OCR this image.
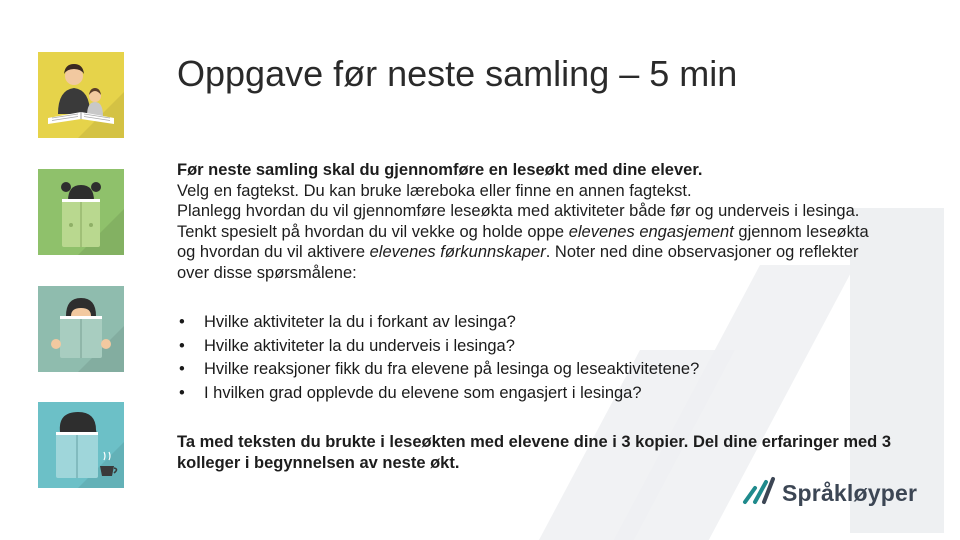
Oppgave før neste samling – 5 min

Før neste samling skal du gjennomføre en leseøkt med dine elever.

Velg en fagtekst. Du kan bruke læreboka eller finne en annen fagtekst.

Planlegg hvordan du vil gjennomføre leseøkta med aktiviteter både før og underveis i lesinga. Tenkt spesielt på hvordan du vil vekke og holde oppe elevenes engasjement gjennom leseøkta og hvordan du vil aktivere elevenes førkunnskaper. Noter ned dine observasjoner og reflekter over disse spørsmålene:

• Hvilke aktiviteter la du i forkant av lesinga?
• Hvilke aktiviteter la du underveis i lesinga?
• Hvilke reaksjoner fikk du fra elevene på lesinga og leseaktivitetene?
• I hvilken grad opplevde du elevene som engasjert i lesinga?

Ta med teksten du brukte i leseøkten med elevene dine i 3 kopier. Del dine erfaringer med 3 kolleger i begynnelsen av neste økt.

Språkløyper
